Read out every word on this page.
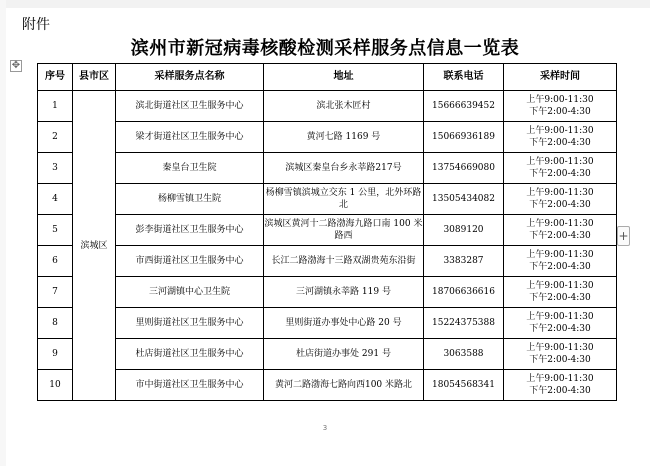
附件
滨州市新冠病毒核酸检测采样服务点信息一览表
✥
+
序号	县市区	采样服务点名称	地址	联系电话	采样时间
1	滨城区	滨北街道社区卫生服务中心	滨北张木匠村	15666639452	上午9:00-11:30
下午2:00-4:30

2		梁才街道社区卫生服务中心	黄河七路 1169 号	15066936189	上午9:00-11:30
下午2:00-4:30

3		秦皇台卫生院	滨城区秦皇台乡永莘路217号	13754669080	上午9:00-11:30
下午2:00-4:30

4		杨柳雪镇卫生院	杨柳雪镇滨城立交东 1 公里，北外环路北	13505434082	上午9:00-11:30
下午2:00-4:30

5		彭李街道社区卫生服务中心	滨城区黄河十二路渤海九路口南 100 米路西	3089120	上午9:00-11:30
下午2:00-4:30

6		市西街道社区卫生服务中心	长江二路渤海十三路双湖贵苑东沿街	3383287	上午9:00-11:30
下午2:00-4:30

7		三河湖镇中心卫生院	三河湖镇永莘路 119 号	18706636616	上午9:00-11:30
下午2:00-4:30

8		里则街道社区卫生服务中心	里则街道办事处中心路 20 号	15224375388	上午9:00-11:30
下午2:00-4:30

9		杜店街道社区卫生服务中心	杜店街道办事处 291 号	3063588	上午9:00-11:30
下午2:00-4:30

10		市中街道社区卫生服务中心	黄河二路渤海七路向西100 米路北	18054568341	上午9:00-11:30
下午2:00-4:30
3
